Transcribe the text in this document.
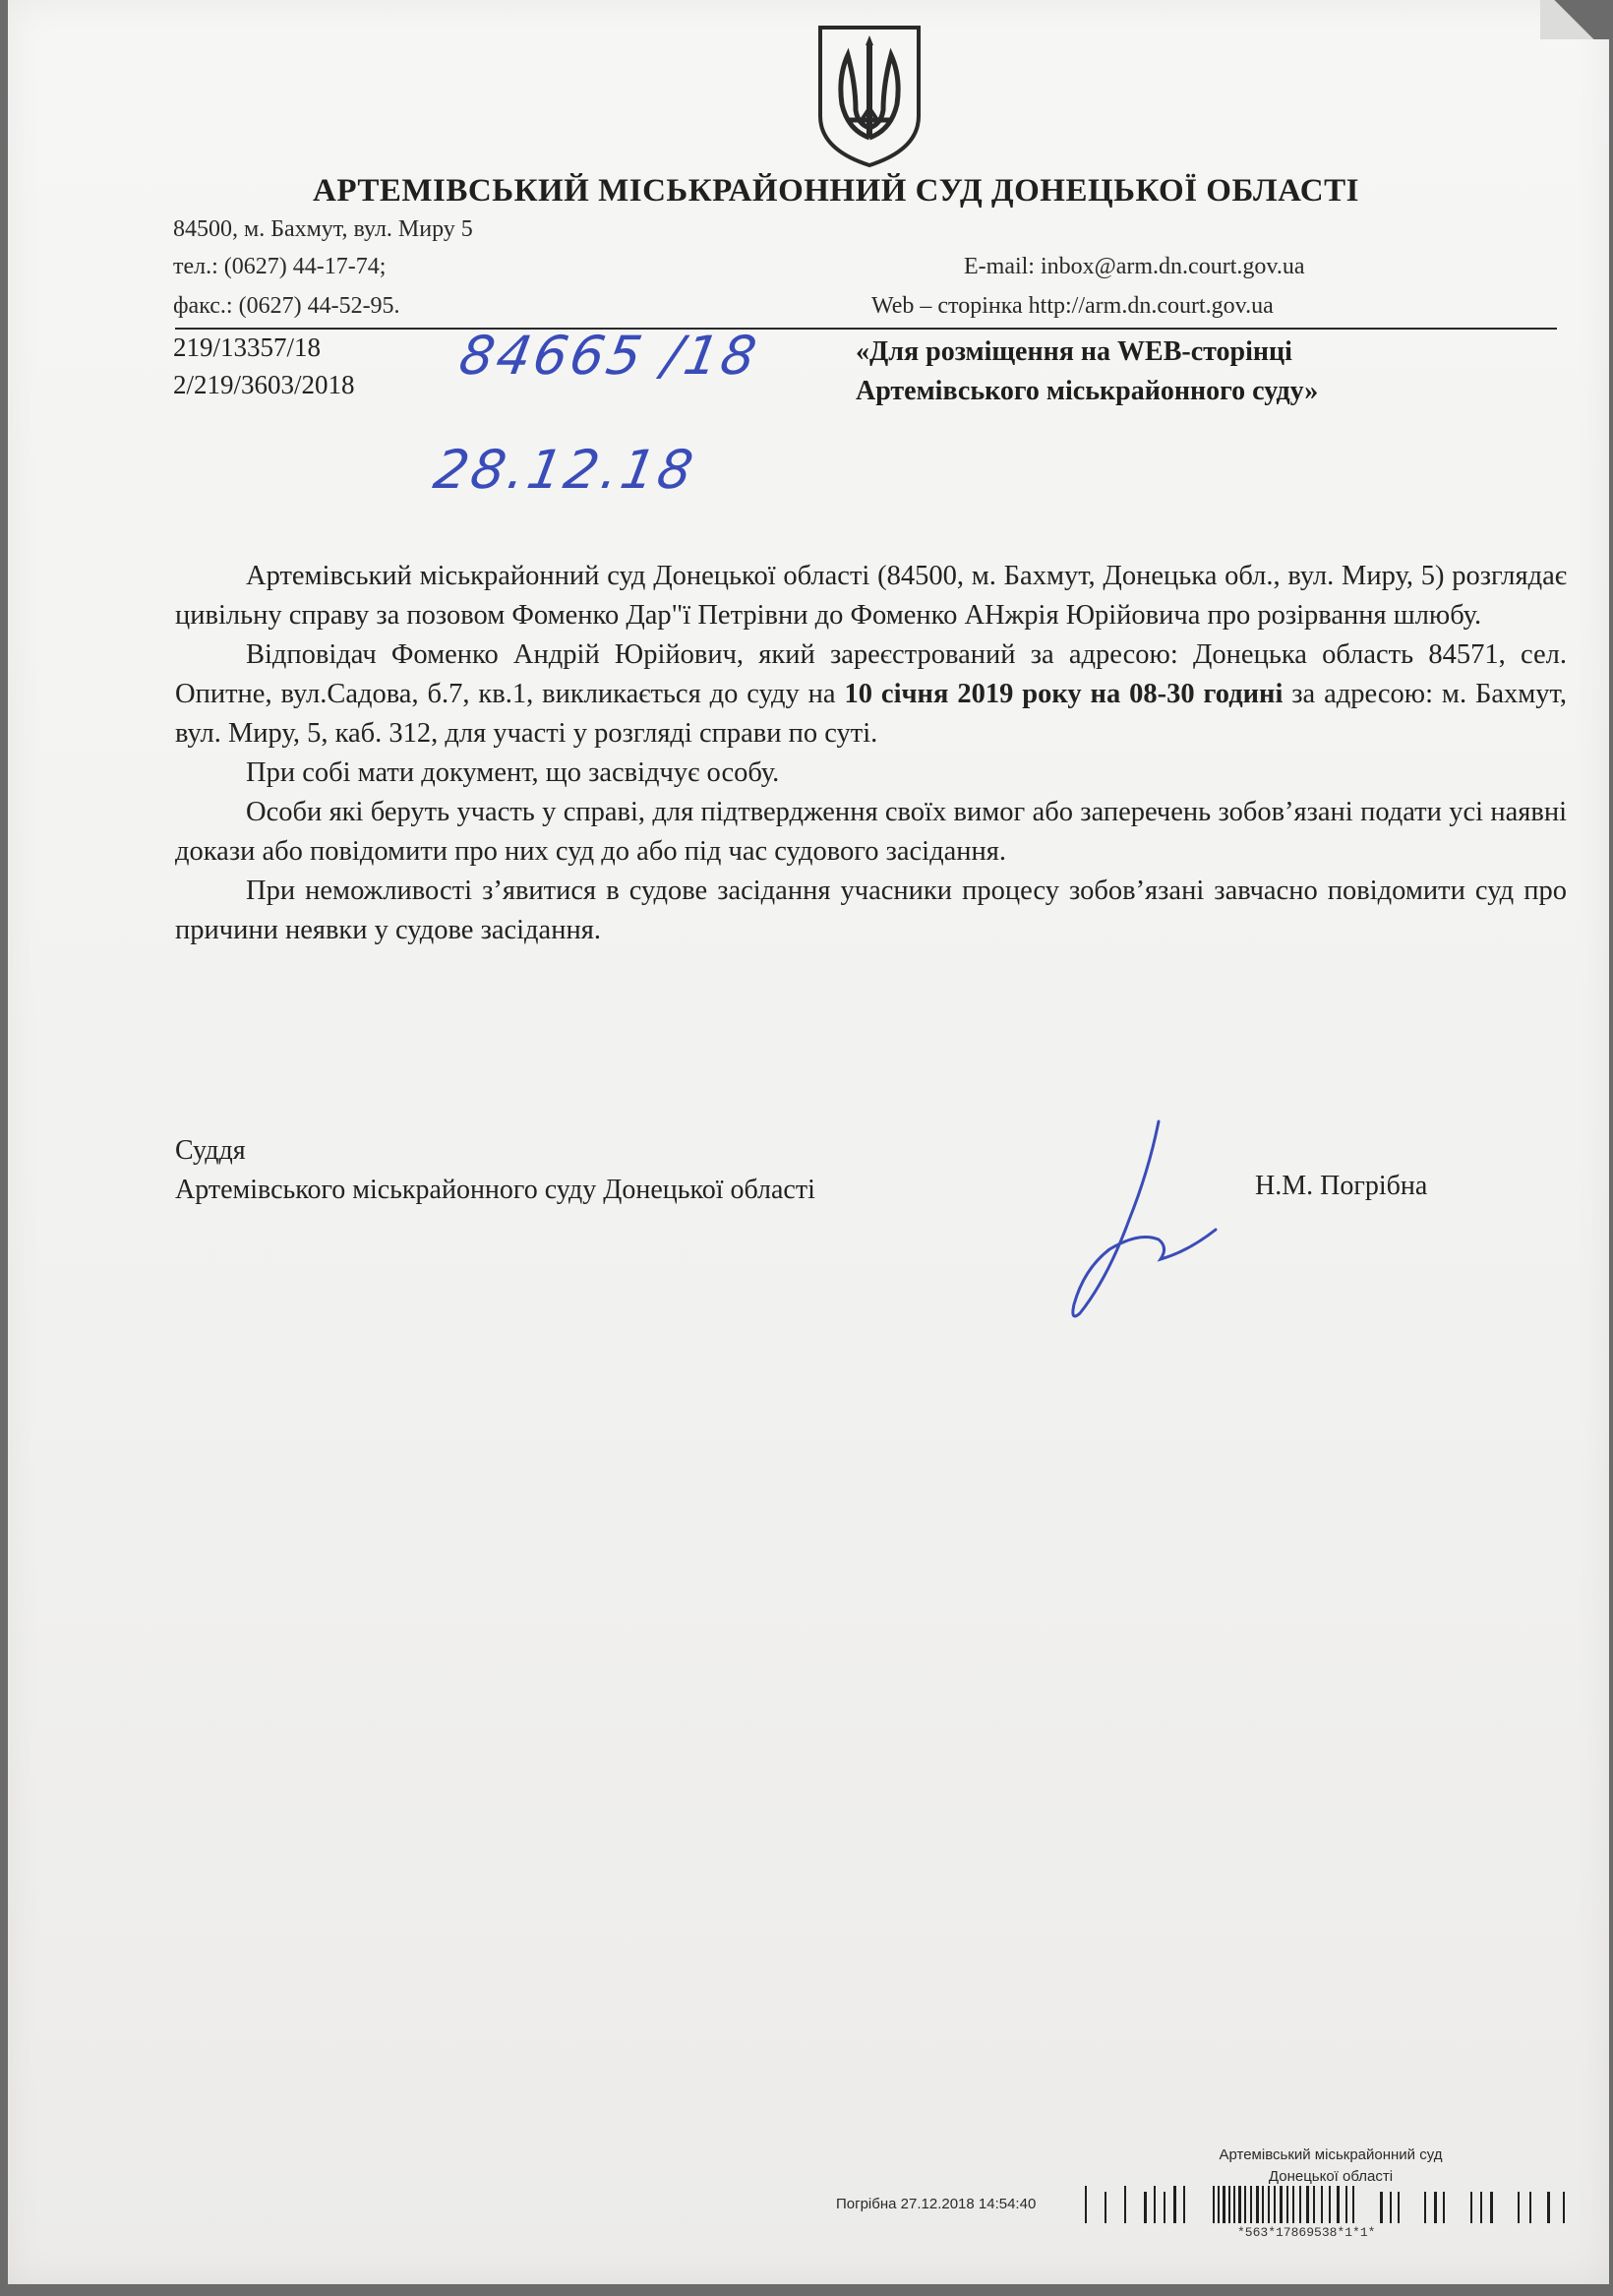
АРТЕМІВСЬКИЙ МІСЬКРАЙОННИЙ СУД ДОНЕЦЬКОЇ ОБЛАСТІ
84500, м. Бахмут, вул. Миру 5
тел.: (0627) 44-17-74;
факс.: (0627) 44-52-95.
E-mail: inbox@arm.dn.court.gov.ua
Web – сторінка http://arm.dn.court.gov.ua
219/13357/18
2/219/3603/2018 84665 /18
28.12.18
«Для розміщення на WEB-сторінці
Артемівського міськрайонного суду»

Артемівський міськрайонний суд Донецької області (84500, м. Бахмут, Донецька обл., вул. Миру, 5) розглядає цивільну справу за позовом Фоменко Дар"ї Петрівни до Фоменко АНжрія Юрійовича про розірвання шлюбу.

Відповідач Фоменко Андрій Юрійович, який зареєстрований за адресою: Донецька область 84571, сел. Опитне, вул.Садова, б.7, кв.1, викликається до суду на 10 січня 2019 року на 08-30 годині за адресою: м. Бахмут, вул. Миру, 5, каб. 312, для участі у розгляді справи по суті.

При собі мати документ, що засвідчує особу.

Особи які беруть участь у справі, для підтвердження своїх вимог або заперечень зобов’язані подати усі наявні докази або повідомити про них суд до або під час судового засідання.

При неможливості з’явитися в судове засідання учасники процесу зобов’язані завчасно повідомити суд про причини неявки у судове засідання.

Суддя
Артемівського міськрайонного суду Донецької області	Н.М. Погрібна
Артемівський міськрайонний суд
Донецької області
Погрібна 27.12.2018 14:54:40
*563*17869538*1*1*
